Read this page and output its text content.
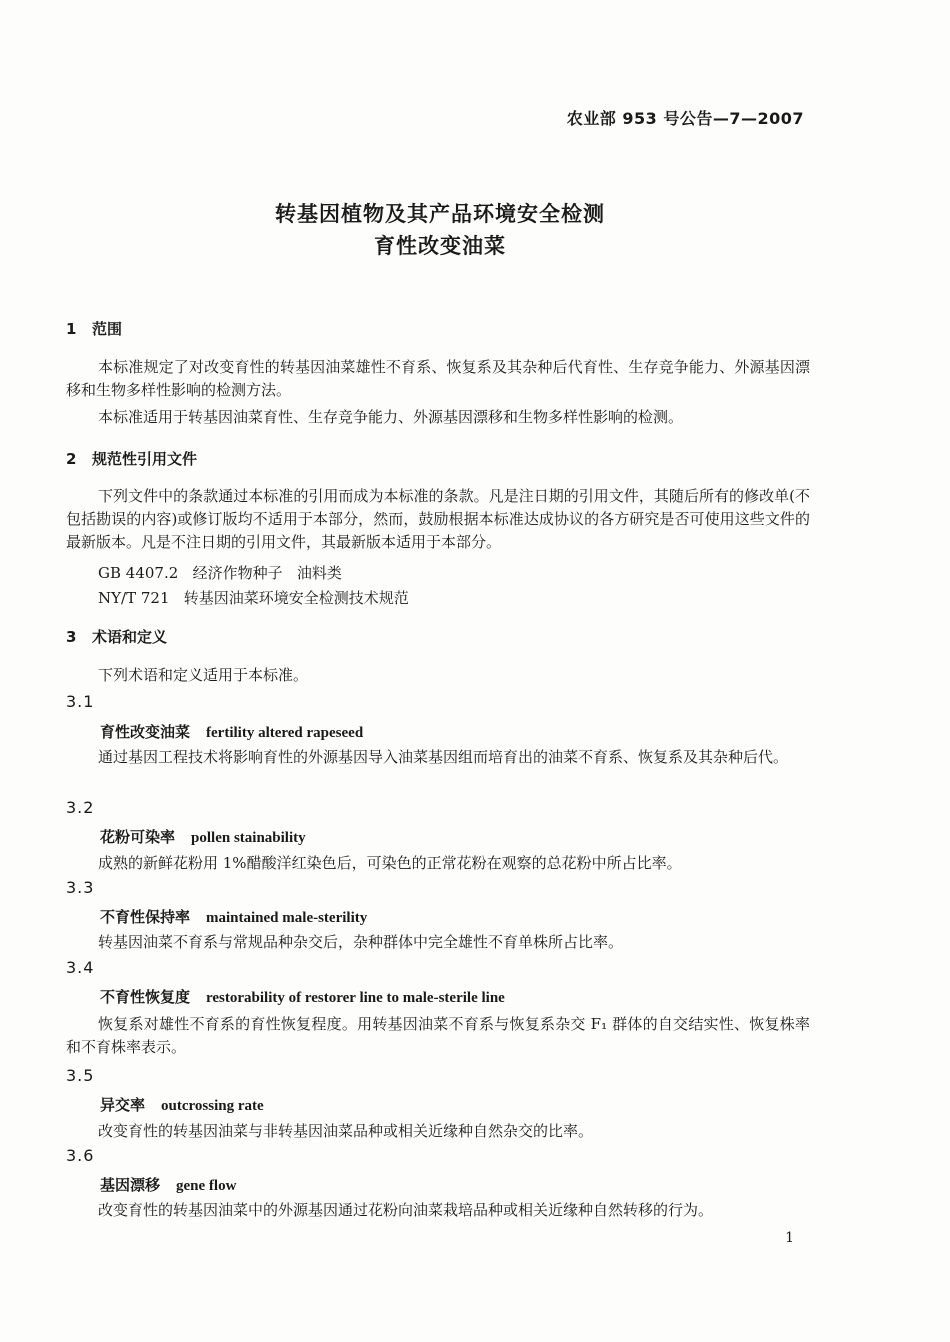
农业部 953 号公告—7—2007
转基因植物及其产品环境安全检测
育性改变油菜
1 范围
本标准规定了对改变育性的转基因油菜雄性不育系、恢复系及其杂种后代育性、生存竞争能力、外源基因漂移和生物多样性影响的检测方法。
本标准适用于转基因油菜育性、生存竞争能力、外源基因漂移和生物多样性影响的检测。
2 规范性引用文件
下列文件中的条款通过本标准的引用而成为本标准的条款。凡是注日期的引用文件，其随后所有的修改单(不包括勘误的内容)或修订版均不适用于本部分，然而，鼓励根据本标准达成协议的各方研究是否可使用这些文件的最新版本。凡是不注日期的引用文件，其最新版本适用于本部分。
GB 4407.2   经济作物种子   油料类
NY/T 721   转基因油菜环境安全检测技术规范
3 术语和定义
下列术语和定义适用于本标准。
3.1
育性改变油菜 fertility altered rapeseed
通过基因工程技术将影响育性的外源基因导入油菜基因组而培育出的油菜不育系、恢复系及其杂种后代。
3.2
花粉可染率 pollen stainability
成熟的新鲜花粉用 1%醋酸洋红染色后，可染色的正常花粉在观察的总花粉中所占比率。
3.3
不育性保持率 maintained male-sterility
转基因油菜不育系与常规品种杂交后，杂种群体中完全雄性不育单株所占比率。
3.4
不育性恢复度 restorability of restorer line to male-sterile line
恢复系对雄性不育系的育性恢复程度。用转基因油菜不育系与恢复系杂交 F₁ 群体的自交结实性、恢复株率和不育株率表示。
3.5
异交率 outcrossing rate
改变育性的转基因油菜与非转基因油菜品种或相关近缘种自然杂交的比率。
3.6
基因漂移 gene flow
改变育性的转基因油菜中的外源基因通过花粉向油菜栽培品种或相关近缘种自然转移的行为。
1
